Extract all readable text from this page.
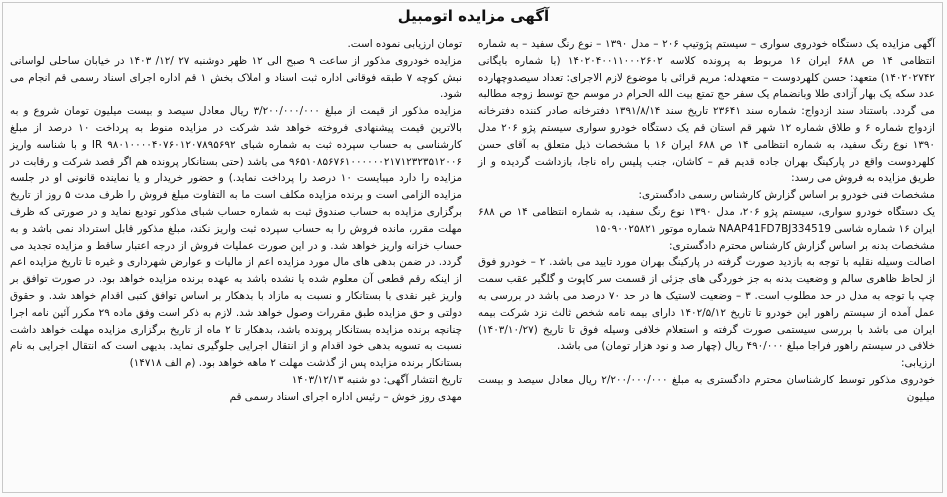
آگهی مزایده اتومبیل

آگهی مزایده یک دستگاه خودروی سواری – سیستم پژوتیپ ۲۰۶ – مدل ۱۳۹۰ – نوع رنگ سفید – به شماره انتظامی ۱۴ ص ۶۸۸ ایران ۱۶ مربوط به پرونده کلاسه ۱۴۰۲۰۴۰۰۱۱۰۰۰۲۶۰۲ (با شماره بایگانی ۱۴۰۲۰۲۷۴۲) متعهد: حسن کلهردوست – متعهدله: مریم قرائی با موضوع لازم الاجرای: تعداد سیصدوچهارده عدد سکه یک بهار آزادی طلا وبانضمام یک سفر حج تمتع بیت الله الحرام در موسم حج توسط زوجه مطالبه می گردد. باستناد سند ازدواج: شماره سند ۲۳۶۴۱ تاریخ سند ۱۳۹۱/۸/۱۴ دفترخانه صادر کننده دفترخانه ازدواج شماره ۶ و طلاق شماره ۱۲ شهر قم استان قم یک دستگاه خودرو سواری سیستم پژو ۲۰۶ مدل ۱۳۹۰ نوع رنگ سفید، به شماره انتظامی ۱۴ ص ۶۸۸ ایران ۱۶ با مشخصات ذیل متعلق به آقای حسن کلهردوست واقع در پارکینگ بهران جاده قدیم قم – کاشان، جنب پلیس راه ناجا، بازداشت گردیده و از طریق مزایده به فروش می رسد:

مشخصات فنی خودرو بر اساس گزارش کارشناس رسمی دادگستری:

یک دستگاه خودرو سواری، سیستم پژو ۲۰۶، مدل ۱۳۹۰ نوع رنگ سفید، به شماره انتظامی ۱۴ ص ۶۸۸ ایران ۱۶ شماره شاسی NAAP41FD7BJ334519 شماره موتور ۱۵۰۹۰۰۲۵۸۲۱

مشخصات بدنه بر اساس گزارش کارشناس محترم دادگستری:

اصالت وسیله نقلیه با توجه به بازدید صورت گرفته در پارکینگ بهران مورد تایید می باشد. ۲ – خودرو فوق از لحاظ ظاهری سالم و وضعیت بدنه به جز خوردگی های جزئی از قسمت سر کاپوت و گلگیر عقب سمت چپ با توجه به مدل در حد مطلوب است. ۳ – وضعیت لاستیک ها در حد ۷۰ درصد می باشد در بررسی به عمل آمده از سیستم راهور این خودرو تا تاریخ ۱۴۰۲/۵/۱۲ دارای بیمه نامه شخص ثالث نزد شرکت بیمه ایران می باشد با بررسی سیستمی صورت گرفته و استعلام خلافی وسیله فوق تا تاریخ (۱۴۰۳/۱۰/۲۷) خلافی در سیستم راهور فراجا مبلغ ۴۹۰/۰۰۰ ریال (چهار صد و نود هزار تومان) می باشد.

ارزیابی:

خودروی مذکور توسط کارشناسان محترم دادگستری به مبلغ ۲/۲۰۰/۰۰۰/۰۰۰ ریال معادل سیصد و بیست میلیون

تومان ارزیابی نموده است.

مزایده خودروی مذکور از ساعت ۹ صبح الی ۱۲ ظهر دوشنبه ۲۷ /۱۲/ ۱۴۰۳ در خیابان ساحلی لواسانی نبش کوچه ۷ طبقه فوقانی اداره ثبت اسناد و املاک بخش ۱ قم اداره اجرای اسناد رسمی قم انجام می شود.

مزایده مذکور از قیمت از مبلغ ۳/۲۰۰/۰۰۰/۰۰۰ ریال معادل سیصد و بیست میلیون تومان شروع و به بالاترین قیمت پیشنهادی فروخته خواهد شد شرکت در مزایده منوط به پرداخت ۱۰ درصد از مبلغ کارشناسی به حساب سپرده ثبت به شماره شبای ۹۸۰۱۰۰۰۰۴۰۷۶۰۱۲۰۷۸۹۵۶۹۲ IR و با شناسه واریز ۹۶۵۱۰۸۵۶۷۶۱۰۰۰۰۰۰۲۱۷۱۲۳۲۳۵۱۲۰۰۶ می باشد (حتی بستانکار پرونده هم اگر قصد شرکت و رقابت در مزایده را دارد میبایست ۱۰ درصد را پرداخت نماید.) و حضور خریدار و یا نماینده قانونی او در جلسه مزایده الزامی است و برنده مزایده مکلف است ما به التفاوت مبلغ فروش را ظرف مدت ۵ روز از تاریخ برگزاری مزایده به حساب صندوق ثبت به شماره حساب شبای مذکور تودیع نماید و در صورتی که ظرف مهلت مقرر، مانده فروش را به حساب سپرده ثبت واریز نکند، مبلغ مذکور قابل استرداد نمی باشد و به حساب خزانه واریز خواهد شد. و در این صورت عملیات فروش از درجه اعتبار ساقط و مزایده تجدید می گردد. در ضمن بدهی های مال مورد مزایده اعم از مالیات و عوارض شهرداری و غیره تا تاریخ مزایده اعم از اینکه رقم قطعی آن معلوم شده یا نشده باشد به عهده برنده مزایده خواهد بود. در صورت توافق بر واریز غیر نقدی با بستانکار و نسبت به مازاد با بدهکار بر اساس توافق کتبی اقدام خواهد شد. و حقوق دولتی و حق مزایده طبق مقررات وصول خواهد شد. لازم به ذکر است وفق ماده ۲۹ مکرر آئین نامه اجرا چنانچه برنده مزایده بستانکار پرونده باشد، بدهکار تا ۲ ماه از تاریخ برگزاری مزایده مهلت خواهد داشت نسبت به تسویه بدهی خود اقدام و از انتقال اجرایی جلوگیری نماید. بدیهی است که انتقال اجرایی به نام بستانکار برنده مزایده پس از گذشت مهلت ۲ ماهه خواهد بود. (م الف ۱۴۷۱۸)

تاریخ انتشار آگهی: دو شنبه ۱۴۰۳/۱۲/۱۳

مهدی روز خوش – رئیس اداره اجرای اسناد رسمی قم
